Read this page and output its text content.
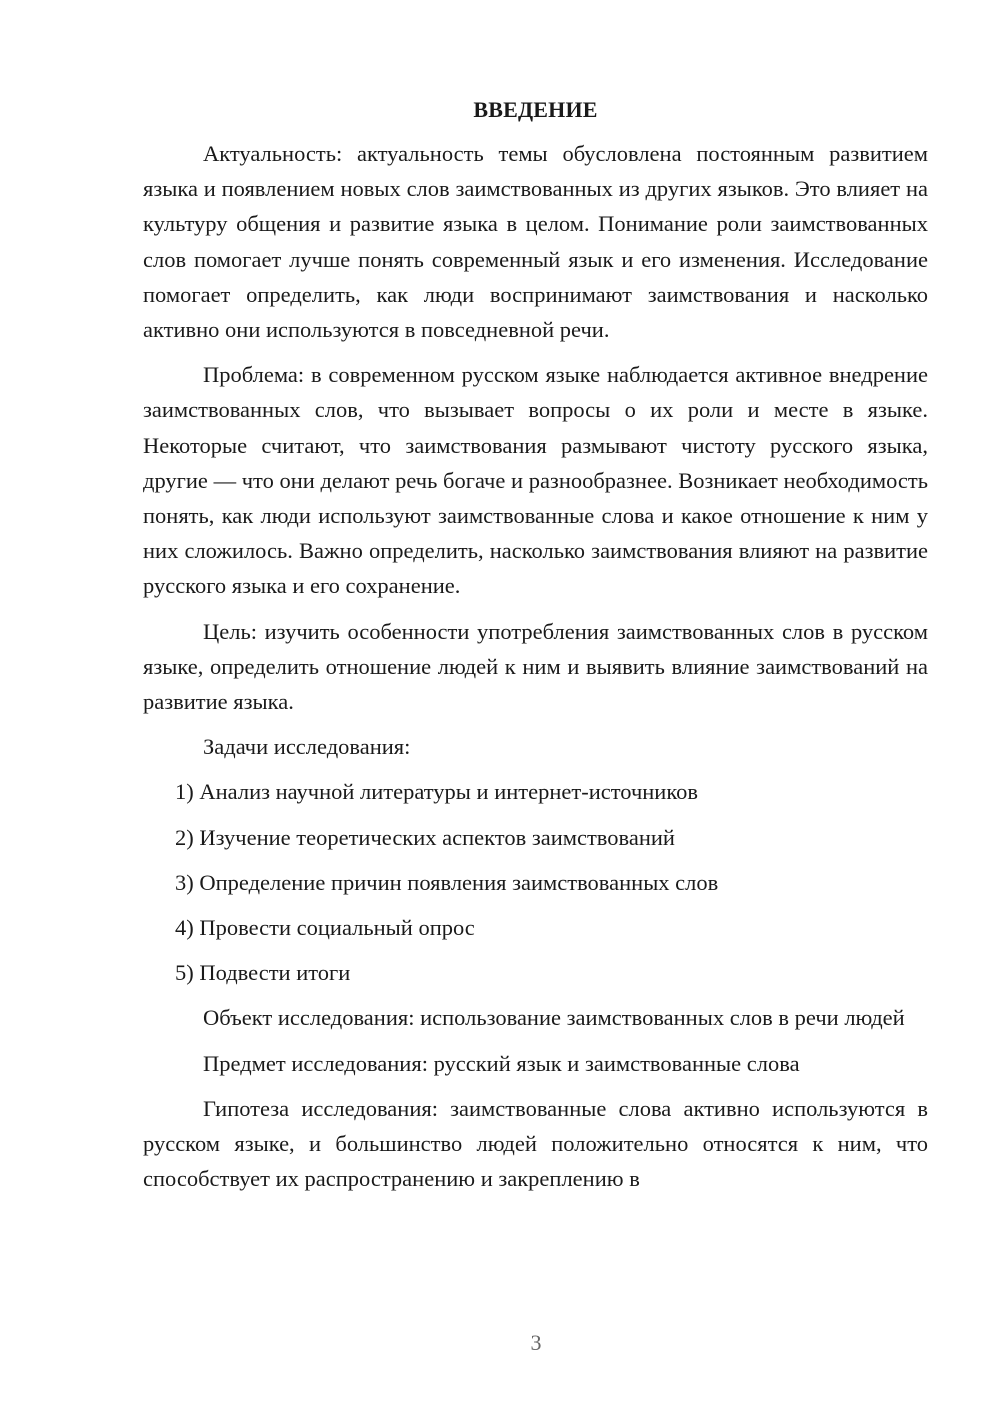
ВВЕДЕНИЕ

Актуальность: актуальность темы обусловлена постоянным развитием языка и появлением новых слов заимствованных из других языков. Это влияет на культуру общения и развитие языка в целом. Понимание роли заимствованных слов помогает лучше понять современный язык и его изменения. Исследование помогает определить, как люди воспринимают заимствования и насколько активно они используются в повседневной речи.

Проблема: в современном русском языке наблюдается активное внедрение заимствованных слов, что вызывает вопросы о их роли и месте в языке. Некоторые считают, что заимствования размывают чистоту русского языка, другие — что они делают речь богаче и разнообразнее. Возникает необходимость понять, как люди используют заимствованные слова и какое отношение к ним у них сложилось. Важно определить, насколько заимствования влияют на развитие русского языка и его сохранение.

Цель: изучить особенности употребления заимствованных слов в русском языке, определить отношение людей к ним и выявить влияние заимствований на развитие языка.

Задачи исследования:

1) Анализ научной литературы и интернет-источников
2) Изучение теоретических аспектов заимствований
3) Определение причин появления заимствованных слов
4) Провести социальный опрос
5) Подвести итоги

Объект исследования: использование заимствованных слов в речи людей

Предмет исследования: русский язык и заимствованные слова

Гипотеза исследования: заимствованные слова активно используются в русском языке, и большинство людей положительно относятся к ним, что способствует их распространению и закреплению в

3
